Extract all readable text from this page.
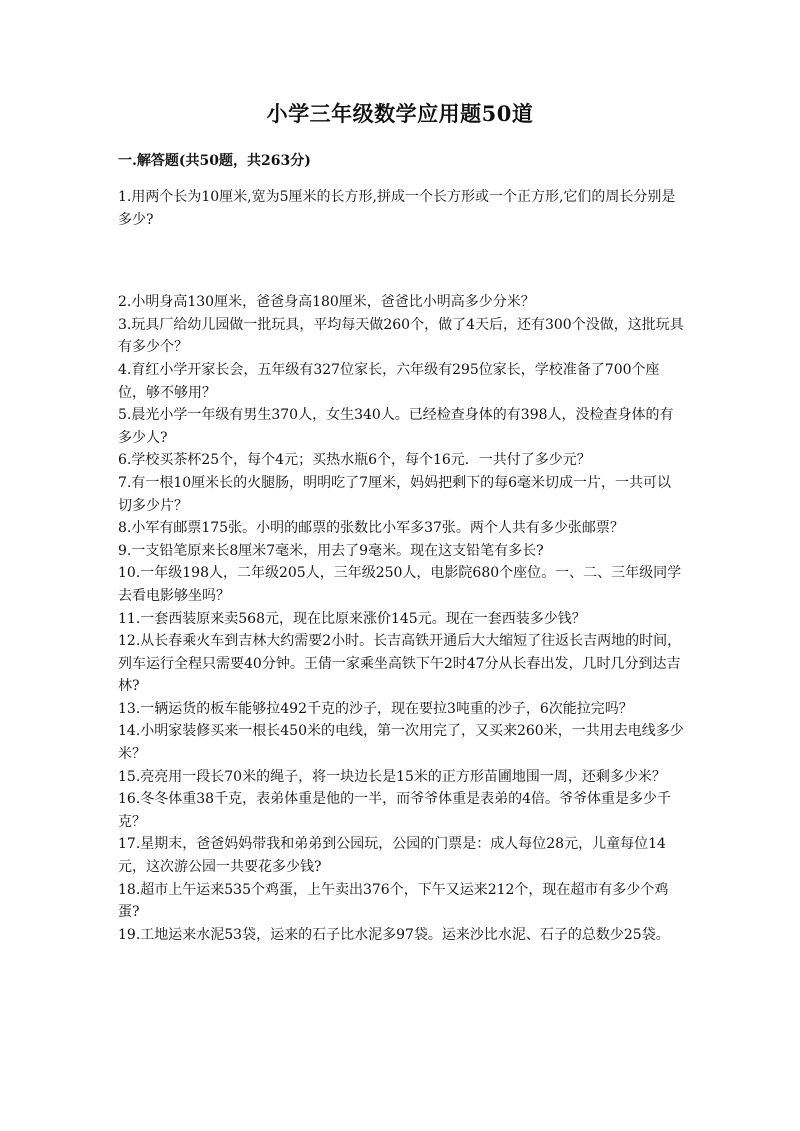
小学三年级数学应用题50道
一.解答题(共50题，共263分)

1.用两个长为10厘米,宽为5厘米的长方形,拼成一个长方形或一个正方形,它们的周长分别是多少?

2.小明身高130厘米，爸爸身高180厘米，爸爸比小明高多少分米？

3.玩具厂给幼儿园做一批玩具，平均每天做260个，做了4天后，还有300个没做，这批玩具有多少个？

4.育红小学开家长会，五年级有327位家长，六年级有295位家长，学校准备了700个座位，够不够用？

5.晨光小学一年级有男生370人，女生340人。已经检查身体的有398人，没检查身体的有多少人?

6.学校买茶杯25个，每个4元；买热水瓶6个，每个16元．一共付了多少元？

7.有一根10厘米长的火腿肠，明明吃了7厘米，妈妈把剩下的每6毫米切成一片，一共可以切多少片？

8.小军有邮票175张。小明的邮票的张数比小军多37张。两个人共有多少张邮票？

9.一支铅笔原来长8厘米7毫米，用去了9毫米。现在这支铅笔有多长?

10.一年级198人，二年级205人，三年级250人，电影院680个座位。一、二、三年级同学去看电影够坐吗？

11.一套西装原来卖568元，现在比原来涨价145元。现在一套西装多少钱？

12.从长春乘火车到吉林大约需要2小时。长吉高铁开通后大大缩短了往返长吉两地的时间，列车运行全程只需要40分钟。王倩一家乘坐高铁下午2时47分从长春出发，几时几分到达吉林?

13.一辆运货的板车能够拉492千克的沙子，现在要拉3吨重的沙子，6次能拉完吗？

14.小明家装修买来一根长450米的电线，第一次用完了，又买来260米，一共用去电线多少米？

15.亮亮用一段长70米的绳子，将一块边长是15米的正方形苗圃地围一周，还剩多少米？

16.冬冬体重38千克，表弟体重是他的一半，而爷爷体重是表弟的4倍。爷爷体重是多少千克？

17.星期末，爸爸妈妈带我和弟弟到公园玩，公园的门票是：成人每位28元，儿童每位14元，这次游公园一共要花多少钱?

18.超市上午运来535个鸡蛋，上午卖出376个，下午又运来212个，现在超市有多少个鸡蛋?

19.工地运来水泥53袋，运来的石子比水泥多97袋。运来沙比水泥、石子的总数少25袋。
